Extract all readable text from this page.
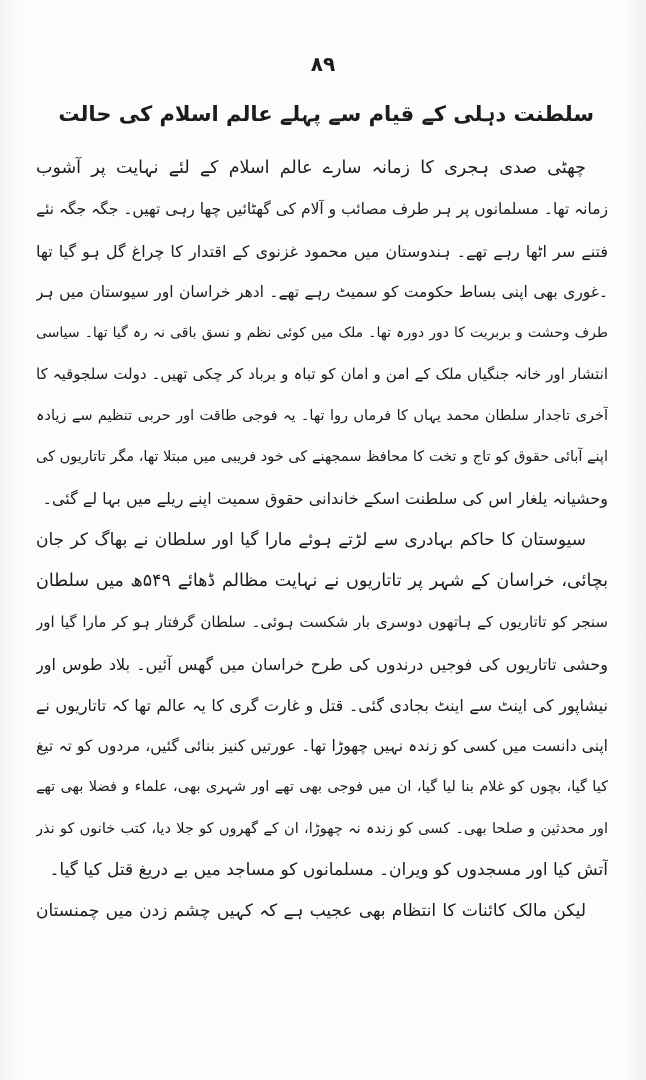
۸۹
سلطنت دہلی کے قیام سے پہلے عالم اسلام کی حالت
چھٹی صدی ہجری کا زمانہ سارے عالم اسلام کے لئے نہایت پر آشوب
زمانہ تھا۔ مسلمانوں پر ہر طرف مصائب و آلام کی گھٹائیں چھا رہی تھیں۔ جگہ جگہ نئے
فتنے سر اٹھا رہے تھے۔ ہندوستان میں محمود غزنوی کے اقتدار کا چراغ گل ہو گیا تھا
۔غوری بھی اپنی بساط حکومت کو سمیٹ رہے تھے۔ ادھر خراسان اور سیوستان میں ہر
طرف وحشت و بربریت کا دور دورہ تھا۔ ملک میں کوئی نظم و نسق باقی نہ رہ گیا تھا۔ سیاسی
انتشار اور خانہ جنگیاں ملک کے امن و امان کو تباہ و برباد کر چکی تھیں۔ دولت سلجوقیہ کا
آخری تاجدار سلطان محمد یہاں کا فرماں روا تھا۔ یہ فوجی طاقت اور حربی تنظیم سے زیادہ
اپنے آبائی حقوق کو تاج و تخت کا محافظ سمجھنے کی خود فریبی میں مبتلا تھا، مگر تاتاریوں کی
وحشیانہ یلغار اس کی سلطنت اسکے خاندانی حقوق سمیت اپنے ریلے میں بہا لے گئی۔
سیوستان کا حاکم بہادری سے لڑتے ہوئے مارا گیا اور سلطان نے بھاگ کر جان
بچائی، خراسان کے شہر پر تاتاریوں نے نہایت مظالم ڈھائے ۵۴۹ھ میں سلطان
سنجر کو تاتاریوں کے ہاتھوں دوسری بار شکست ہوئی۔ سلطان گرفتار ہو کر مارا گیا اور
وحشی تاتاریوں کی فوجیں درندوں کی طرح خراسان میں گھس آئیں۔ بلاد طوس اور
نیشاپور کی اینٹ سے اینٹ بجادی گئی۔ قتل و غارت گری کا یہ عالم تھا کہ تاتاریوں نے
اپنی دانست میں کسی کو زندہ نہیں چھوڑا تھا۔ عورتیں کنیز بنائی گئیں، مردوں کو تہ تیغ
کیا گیا، بچوں کو غلام بنا لیا گیا، ان میں فوجی بھی تھے اور شہری بھی، علماء و فضلا بھی تھے
اور محدثین و صلحا بھی۔ کسی کو زندہ نہ چھوڑا، ان کے گھروں کو جلا دیا، کتب خانوں کو نذر
آتش کیا اور مسجدوں کو ویران۔ مسلمانوں کو مساجد میں بے دریغ قتل کیا گیا۔
لیکن مالک کائنات کا انتظام بھی عجیب ہے کہ کہیں چشم زدن میں چمنستان
